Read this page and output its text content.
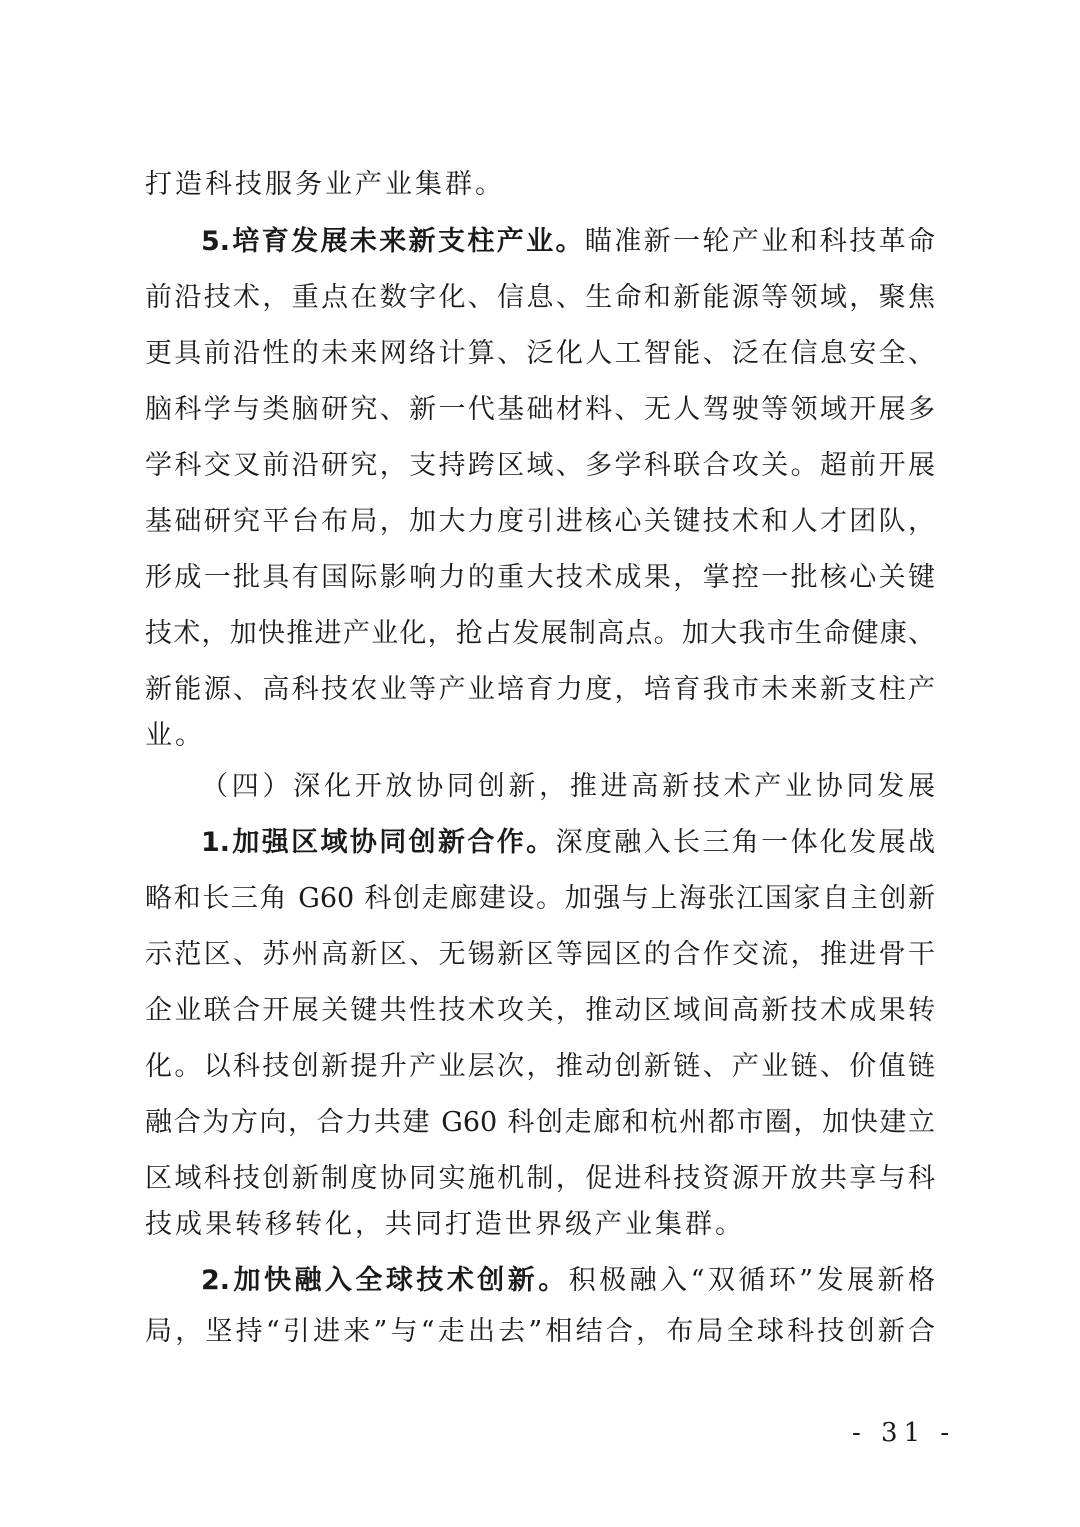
打造科技服务业产业集群。
5.培育发展未来新支柱产业。瞄准新一轮产业和科技革命
前沿技术，重点在数字化、信息、生命和新能源等领域，聚焦
更具前沿性的未来网络计算、泛化人工智能、泛在信息安全、
脑科学与类脑研究、新一代基础材料、无人驾驶等领域开展多
学科交叉前沿研究，支持跨区域、多学科联合攻关。超前开展
基础研究平台布局，加大力度引进核心关键技术和人才团队，
形成一批具有国际影响力的重大技术成果，掌控一批核心关键
技术，加快推进产业化，抢占发展制高点。加大我市生命健康、
新能源、高科技农业等产业培育力度，培育我市未来新支柱产
业。
（四）深化开放协同创新，推进高新技术产业协同发展
1.加强区域协同创新合作。深度融入长三角一体化发展战
略和长三角 G60 科创走廊建设。加强与上海张江国家自主创新
示范区、苏州高新区、无锡新区等园区的合作交流，推进骨干
企业联合开展关键共性技术攻关，推动区域间高新技术成果转
化。以科技创新提升产业层次，推动创新链、产业链、价值链
融合为方向，合力共建 G60 科创走廊和杭州都市圈，加快建立
区域科技创新制度协同实施机制，促进科技资源开放共享与科
技成果转移转化，共同打造世界级产业集群。
2.加快融入全球技术创新。积极融入“双循环”发展新格
局，坚持“引进来”与“走出去”相结合，布局全球科技创新合
- 31 -
